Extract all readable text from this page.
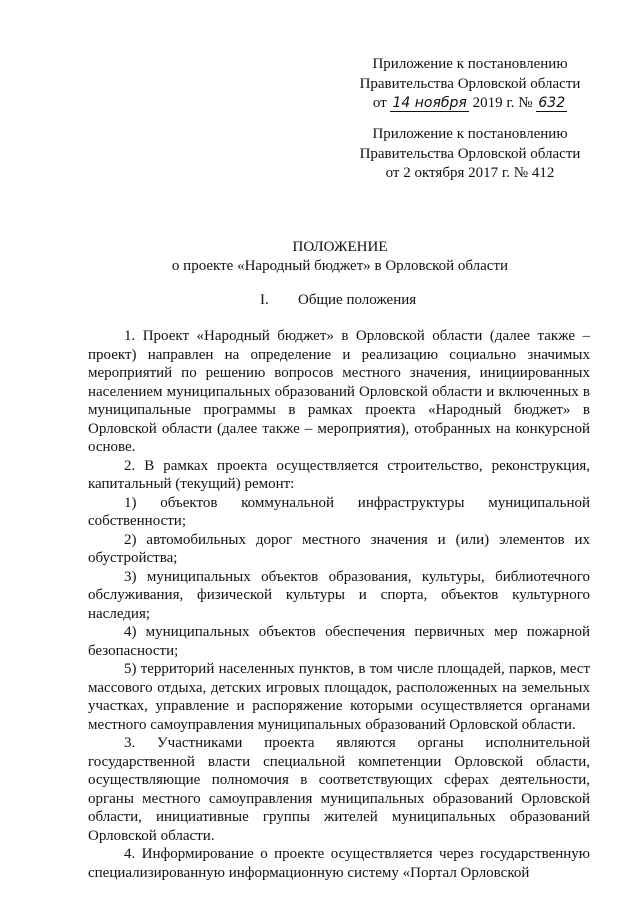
Приложение к постановлению
Правительства Орловской области
от 14 ноября 2019 г. № 632
Приложение к постановлению
Правительства Орловской области
от 2 октября 2017 г. № 412
ПОЛОЖЕНИЕ
о проекте «Народный бюджет» в Орловской области
I. Общие положения

1. Проект «Народный бюджет» в Орловской области (далее также – проект) направлен на определение и реализацию социально значимых мероприятий по решению вопросов местного значения, инициированных населением муниципальных образований Орловской области и включенных в муниципальные программы в рамках проекта «Народный бюджет» в Орловской области (далее также – мероприятия), отобранных на конкурсной основе.

2. В рамках проекта осуществляется строительство, реконструкция, капитальный (текущий) ремонт:

1) объектов коммунальной инфраструктуры муниципальной собственности;

2) автомобильных дорог местного значения и (или) элементов их обустройства;

3) муниципальных объектов образования, культуры, библиотечного обслуживания, физической культуры и спорта, объектов культурного наследия;

4) муниципальных объектов обеспечения первичных мер пожарной безопасности;

5) территорий населенных пунктов, в том числе площадей, парков, мест массового отдыха, детских игровых площадок, расположенных на земельных участках, управление и распоряжение которыми осуществляется органами местного самоуправления муниципальных образований Орловской области.

3. Участниками проекта являются органы исполнительной государственной власти специальной компетенции Орловской области, осуществляющие полномочия в соответствующих сферах деятельности, органы местного самоуправления муниципальных образований Орловской области, инициативные группы жителей муниципальных образований Орловской области.

4. Информирование о проекте осуществляется через государственную специализированную информационную систему «Портал Орловской
